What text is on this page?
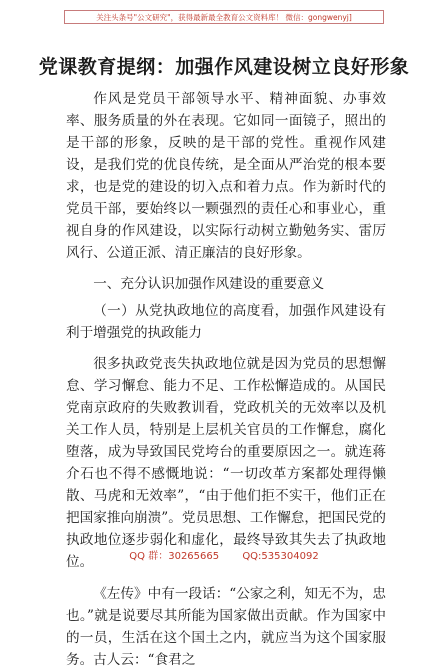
关注头条号"公文研究"，获得最新最全教育公文资料库！ 微信：gongwenyj]
党课教育提纲：加强作风建设树立良好形象

作风是党员干部领导水平、精神面貌、办事效率、服务质量的外在表现。它如同一面镜子，照出的是干部的形象，反映的是干部的党性。重视作风建设，是我们党的优良传统，是全面从严治党的根本要求，也是党的建设的切入点和着力点。作为新时代的党员干部，要始终以一颗强烈的责任心和事业心，重视自身的作风建设，以实际行动树立勤勉务实、雷厉风行、公道正派、清正廉洁的良好形象。

一、充分认识加强作风建设的重要意义

（一）从党执政地位的高度看，加强作风建设有利于增强党的执政能力

很多执政党丧失执政地位就是因为党员的思想懈怠、学习懈怠、能力不足、工作松懈造成的。从国民党南京政府的失败教训看，党政机关的无效率以及机关工作人员，特别是上层机关官员的工作懈怠，腐化堕落，成为导致国民党垮台的重要原因之一。就连蒋介石也不得不感慨地说：“一切改革方案都处理得懒散、马虎和无效率”，“由于他们拒不实干，他们正在把国家推向崩溃”。党员思想、工作懈怠，把国民党的执政地位逐步弱化和虚化，最终导致其失去了执政地位。

《左传》中有一段话：“公家之利，知无不为，忠也。”就是说要尽其所能为国家做出贡献。作为国家中的一员，生活在这个国土之内，就应当为这个国家服务。古人云：“食君之

QQ 群：30265665 QQ:535304092
